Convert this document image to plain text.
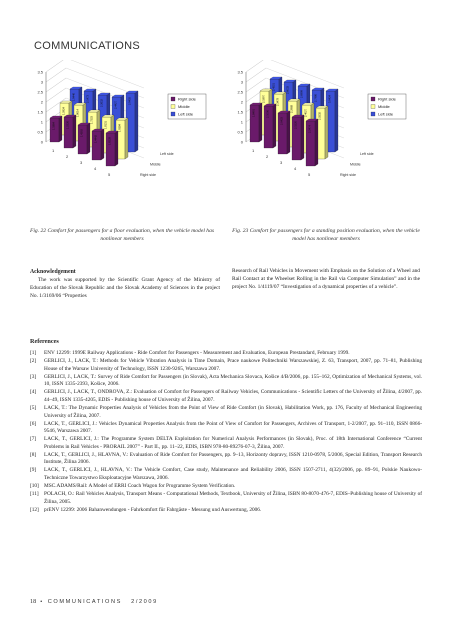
COMMUNICATIONS
0
0.5
1
1.5
2
2.5
3
3.5
1.9446	2.1473
2.2632	2.4427
2.9455
1.5924	1.8014
1.7553
1.8131	1.9384
1.1864	1.5326
1.4392
1.4442	1.6528
1
2
3
4
5	Right side
Middle
Left side
Right side
Middle
Left side
0
0.5
1
1.5
2
2.5
3
3.5
2.4551	2.6033
2.6999
2.7986	3.0424
2.1997	2.3478
2.2968
2.4027	2.5535
1.8491	2.1006
2.0453
2.1520
2.2474
1
2
3
4
5	Right side
Middle
Left side
Right side
Middle
Left side
Fig. 22 Comfort for passengers for a floor evaluation, when the vehicle model has nonlinear members
Fig. 23 Comfort for passengers for a standing position evaluation, when the vehicle model has nonlinear members
Acknowledgement
The work was supported by the Scientific Grant Agency of the Ministry of Education of the Slovak Republic and the Slovak Academy of Sciences in the project No. 1/3169/06 “Properties
Research of Rail Vehicles in Movement with Emphasis on the Solution of a Wheel and Rail Contact at the Wheelset Rolling in the Rail via Computer Simulation” and in the project No. 1/4119/07 “Investigation of a dynamical properties of a vehicle”.
References
[1] ENV 12299: 1999E Railway Applications - Ride Comfort for Passengers - Measurement and Evaluation, European Prestandard, February 1999.
[2] GERLICI, J., LACK, T.: Methods for Vehicle Vibration Analysis in Time Domain, Prace naukowe Politechniki Warszawskiej, Z. 63, Transport, 2007, pp. 71–81, Publishing House of the Warsaw University of Technology, ISSN 1230-9265, Warszawa 2007.
[3] GERLICI, J., LACK, T.: Survey of Ride Comfort for Passengers (in Slovak), Acta Mechanica Slovaca, Košice 4/B/2006, pp. 155–162, Optimization of Mechanical Systems, vol. 10, ISSN 1335-2393, Košice, 2006.
[4] GERLICI, J., LACK, T., ONDROVA, Z.: Evaluation of Comfort for Passengers of Railway Vehicles, Communications - Scientific Letters of the University of Žilina, 4/2007, pp. 44–49, ISSN 1335-4205, EDIS - Publishing house of University of Žilina, 2007.
[5] LACK, T.: The Dynamic Properties Analysis of Vehicles from the Point of View of Ride Comfort (in Slovak), Habilitation Work, pp. 176, Faculty of Mechanical Engineering University of Žilina, 2007.
[6] LACK, T., GERLICI, J.: Vehicles Dynamical Properties Analysis from the Point of View of Comfort for Passengers, Archives of Transport, 1-2/2007, pp. 91–110, ISSN 0866-9546, Warszawa 2007.
[7] LACK, T., GERLICI, J.: The Programme System DELTA Exploitation for Numerical Analysis Performances (in Slovak), Proc. of 18th International Conference “Current Problems in Rail Vehicles - PRORAIL 2007” - Part II., pp. 11–22, EDIS, ISBN 978-80-89276-07-3, Žilina, 2007.
[8] LACK, T., GERLICI, J., HLAVNA, V.: Evaluation of Ride Comfort for Passengers, pp. 9–13, Horizonty dopravy, ISSN 1210-0978, 5/2006, Special Edition, Transport Research Institute, Žilina 2006.
[9] LACK, T., GERLICI, J., HLAVNA, V.: The Vehicle Comfort, Case study, Maintenance and Reliability 2006, ISSN 1507-2711, 4(32)/2006, pp. 89–91, Polskie Naukowo-Techniczne Towarzystwo Eksploatacyjne Warszawa, 2006.
[10] MSC.ADAMS/Rail: A Model of ERRI Coach Wagon for Programme System Verification.
[11] POLACH, O.: Rail Vehicles Analysis, Transport Means - Computational Methods, Textbook, University of Žilina, ISBN 80-8070-476-7, EDIS–Publishing house of University of Žilina, 2005.
[12] prENV 12299: 2006 Bahanwendungen - Fahrkomfort für Fahrgäste - Messung und Auswertung, 2006.
18 • COMMUNICATIONS 2/2009
